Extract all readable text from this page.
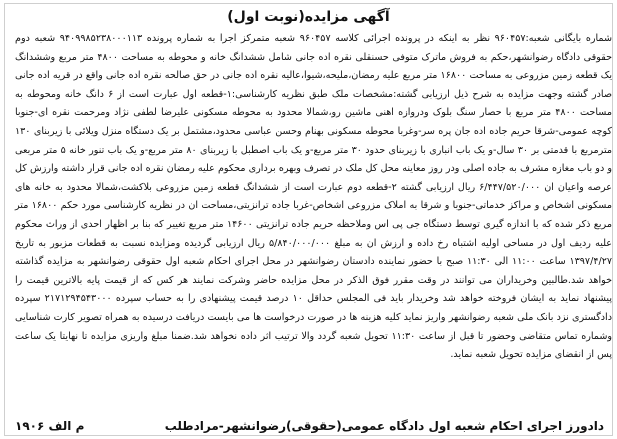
آگهی مزایده(نوبت اول)
شماره بایگانی شعبه:۹۶۰۴۵۷ نظر به اینکه در پرونده اجرائی کلاسه ۹۶۰۴۵۷ شعبه متمرکز اجرا به شماره پرونده ۹۴۰۹۹۸۵۲۳۸۰۰۰۱۱۳ شعبه دوم حقوقی دادگاه رضوانشهر،حکم به فروش ماترک متوفی حسنقلی نقره اده جانی شامل ششدانگ خانه و محوطه به مساحت ۴۸۰۰ متر مربع وششدانگ یک قطعه زمین مزروعی به مساحت ۱۶۸۰۰ متر مربع علیه رمضان،ملیحه،شیوا،عالیه نقره اده جانی در حق صالحه نقره اده جانی واقع در قریه اده جانی صادر گشته وجهت مزایده به شرح ذیل ارزیابی گشته:مشخصات ملک طبق نظریه کارشناسی:۱-قطعه اول عبارت است از ۶ دانگ خانه ومحوطه به مساحت ۴۸۰۰ متر مربع با حصار سنگ بلوک ودروازه اهنی ماشین رو،شمالا محدود به محوطه مسکونی علیرضا لطفی نژاد ومرحمت نقره ای-جنوبا کوچه عمومی-شرقا حریم جاده اده جان پره سر-وغربا محوطه مسکونی بهنام وحسن عباسی محدود،مشتمل بر یک دستگاه منزل ویلائی با زیربنای ۱۳۰ مترمربع با قدمتی بر ۳۰ سال-و یک باب انباری با زیربنای حدود ۳۰ متر مربع-و یک باب اصطبل با زیربنای ۸۰ متر مربع-و یک باب تنور خانه ۵ متر مربعی و دو باب مغازه مشرف به جاده اصلی ودر روز معاینه محل کل ملک در تصرف وبهره برداری محکوم علیه رمضان نقره اده جانی قرار داشته وارزش کل عرصه واعیان ان ۶/۴۴۷/۵۲۰/۰۰۰ ریال ارزیابی گشته ۲-قطعه دوم عبارت است از ششدانگ قطعه زمین مزروعی بلاکشت،شمالا محدود به خانه های مسکونی اشخاص و مراکز خدماتی-جنوبا و شرقا به املاک مزروعی اشخاص-غربا جاده ترانزیتی،مساحت ان در نظریه کارشناسی مورد حکم ۱۶۸۰۰ متر مربع ذکر شده که با اندازه گیری توسط دستگاه جی پی اس وملاحظه حریم جاده ترانزیتی ۱۴۶۰۰ متر مربع تغییر که بنا بر اظهار احدی از وراث محکوم علیه ردیف اول در مساحی اولیه اشتباه رخ داده و ارزش ان به مبلغ ۵/۸۴۰/۰۰۰/۰۰۰ ریال ارزیابی گردیده ومزایده نسبت به قطعات مزبور به تاریخ ۱۳۹۷/۴/۲۷ ساعت ۱۱:۰۰ الی ۱۱:۳۰ صبح با حضور نماینده دادستان رضوانشهر در محل اجرای احکام شعبه اول حقوقی رضوانشهر به مزایده گذاشته خواهد شد.طالبین وخریداران می توانند در وقت مقرر فوق الذکر در محل مزایده حاضر وشرکت نمایند هر کس که از قیمت پایه بالاترین قیمت را پیشنهاد نماید به ایشان فروخته خواهد شد وخریدار باید فی المجلس حداقل ۱۰ درصد قیمت پیشنهادی را به حساب سپرده ۲۱۷۱۲۹۴۵۴۳۰۰۰ سپرده دادگستری نزد بانک ملی شعبه رضوانشهر واریز نماید کلیه هزینه ها در صورت درخواست ها می بایست دریافت درسیده به همراه تصویر کارت شناسایی وشماره تماس متقاضی وحضور تا قبل از ساعت ۱۱:۳۰ تحویل شعبه گردد والا ترتیب اثر داده نخواهد شد.ضمنا مبلغ واریزی مزایده تا نهایتا یک ساعت پس از انقضای مزایده تحویل شعبه نماید.
دادورز اجرای احکام شعبه اول دادگاه عمومی(حقوقی)رضوانشهر-مرادطلب
م الف ۱۹۰۶
